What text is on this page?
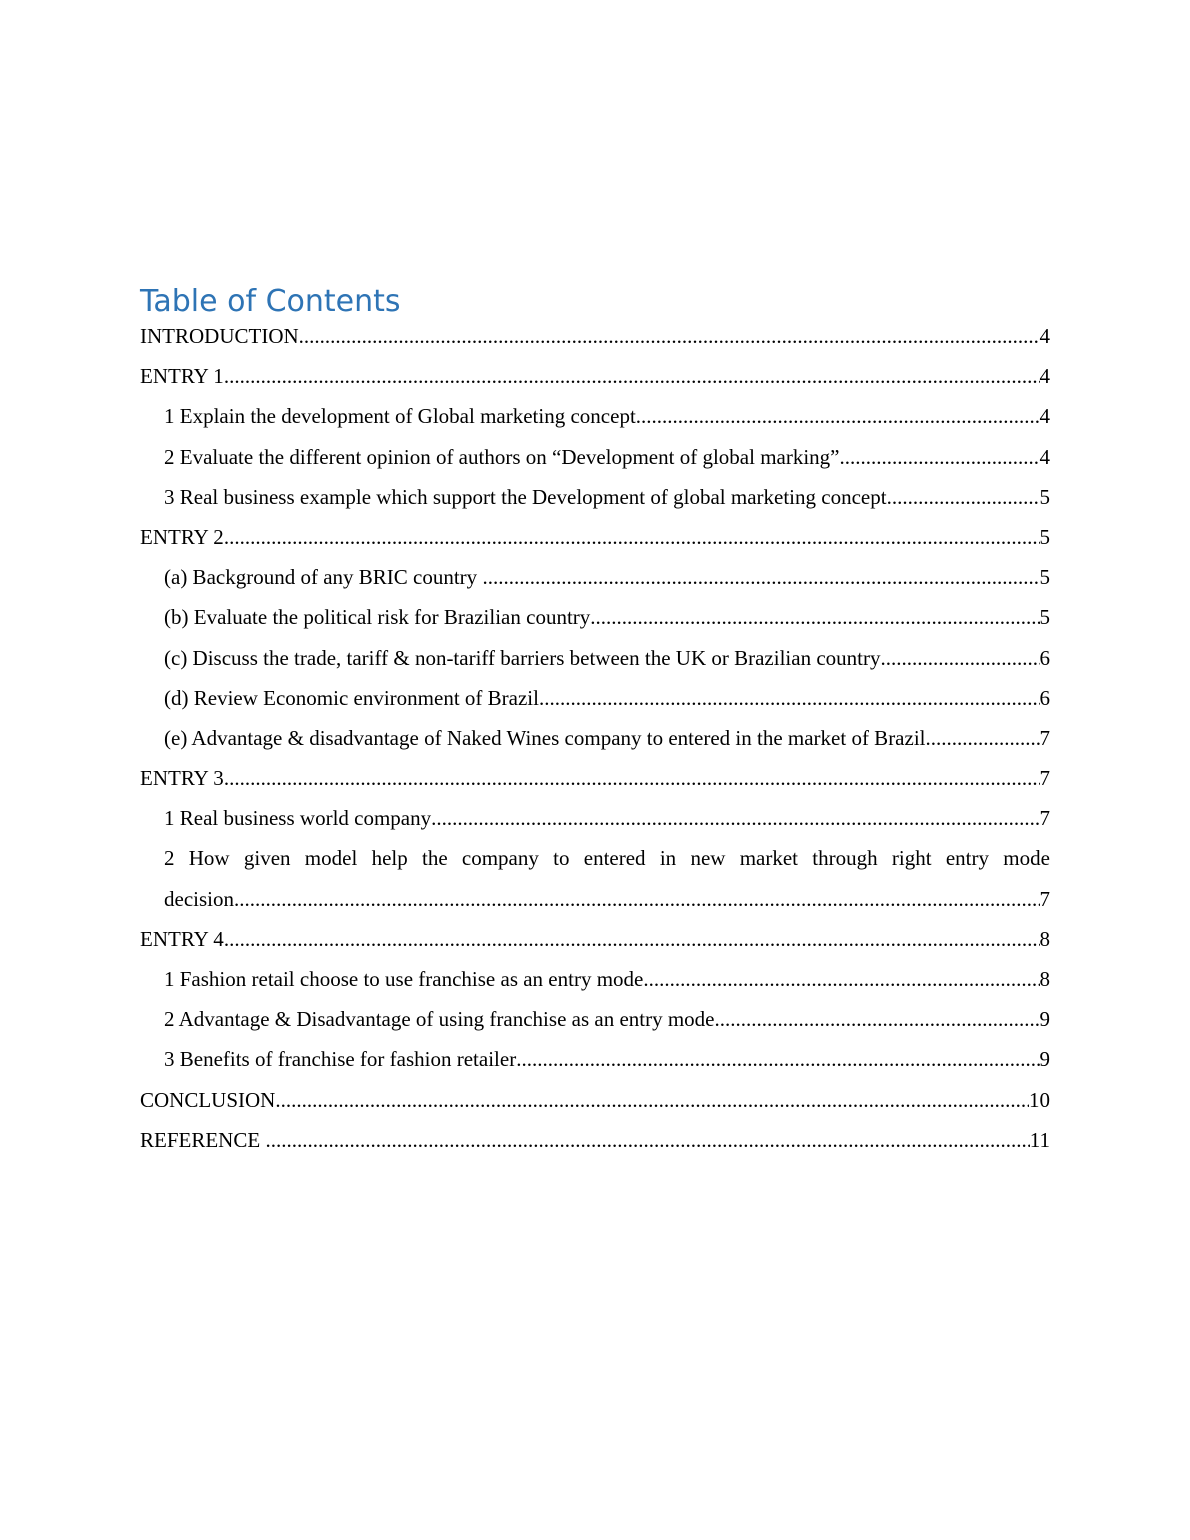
Table of Contents
INTRODUCTION .....	4
ENTRY 1 .....	4
1 Explain the development of Global marketing concept .....	4
2 Evaluate the different opinion of authors on “Development of global marking” .....	4
3 Real business example which support the Development of global marketing concept .....	5
ENTRY 2 .....	5
(a) Background of any BRIC country .....	5
(b) Evaluate the political risk for Brazilian country .....	5
(c) Discuss the trade, tariff & non-tariff barriers between the UK or Brazilian country .....	6
(d) Review Economic environment of Brazil .....	6
(e) Advantage & disadvantage of Naked Wines company to entered in the market of Brazil .....	7
ENTRY 3 .....	7
1 Real business world company .....	7
2 How given model help the company to entered in new market through right entry mode
decision .....	7
ENTRY 4 .....	8
1 Fashion retail choose to use franchise as an entry mode .....	8
2 Advantage & Disadvantage of using franchise as an entry mode .....	9
3 Benefits of franchise for fashion retailer .....	9
CONCLUSION .....	10
REFERENCE .....	11
